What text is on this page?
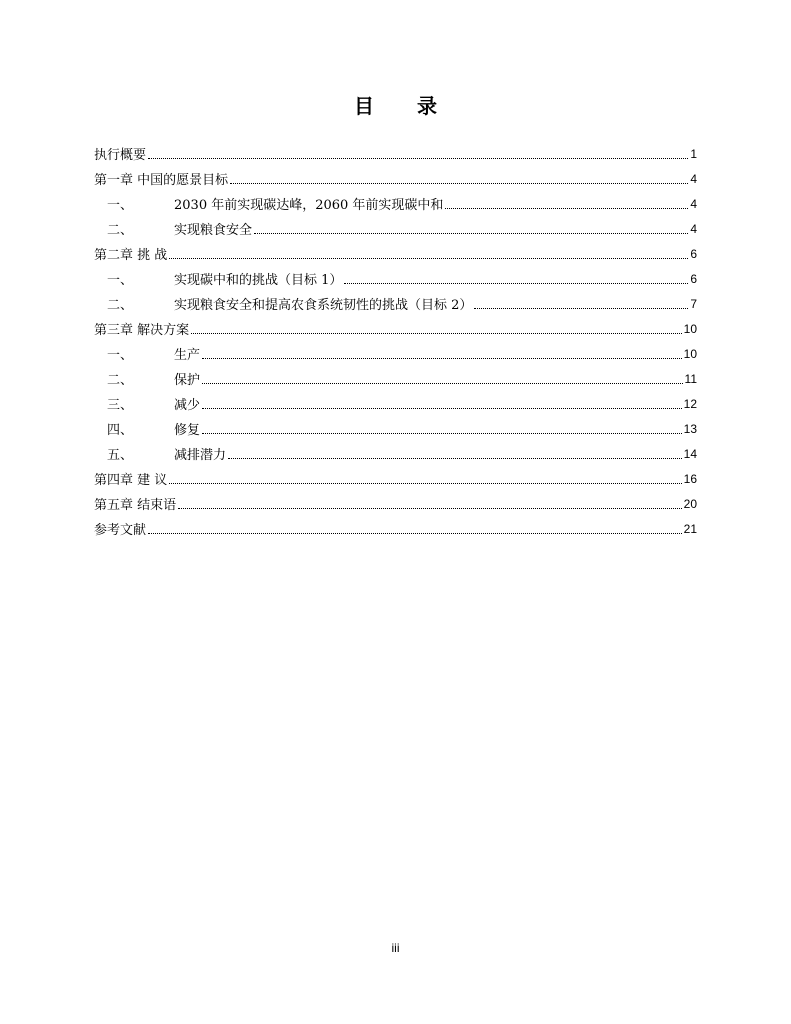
目 录
执行概要	1
第一章 中国的愿景目标	4
一、	2030 年前实现碳达峰，2060 年前实现碳中和	4
二、	实现粮食安全	4
第二章 挑 战	6
一、	实现碳中和的挑战（目标 1）	6
二、	实现粮食安全和提高农食系统韧性的挑战（目标 2）	7
第三章 解决方案	10
一、	生产	10
二、	保护	11
三、	减少	12
四、	修复	13
五、	减排潜力	14
第四章 建 议	16
第五章 结束语	20
参考文献	21
iii
